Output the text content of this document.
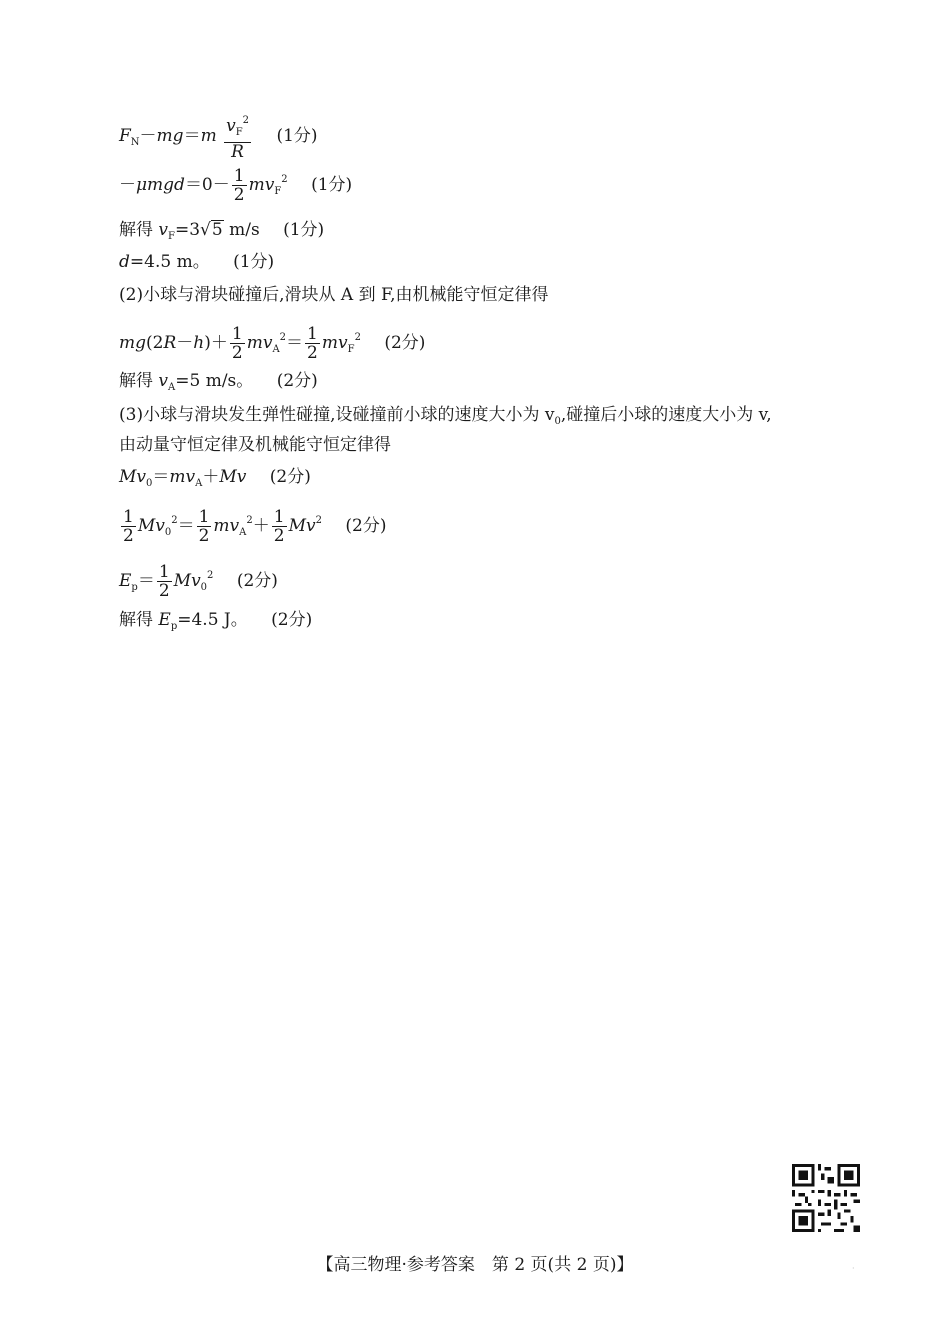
$F_N-mg=m \frac{v_F^2}{R} (1$分)
$-\mu mgd=0- \frac{1}{2} mv_F^2$ (1分)
解得 $v_F=3√5$ m/s (1分)
d=4.5 m。 (1分)
(2)小球与滑块碰撞后,滑块从 A 到 F,由机械能守恒定律得
$mg(2R-h)+ \frac{1}{2} mv_A^2= \frac{1}{2} mv_F^2$ (2分)
解得 $v_A=5$ m/s。 (2分)
(3)小球与滑块发生弹性碰撞,设碰撞前小球的速度大小为 $v_0$,碰撞后小球的速度大小为 v,
由动量守恒定律及机械能守恒定律得
$Mv_0=mv_A+Mv$ (2分)
$\frac{1}{2} Mv_0^2= \frac{1}{2} mv_A^2+ \frac{1}{2} Mv^2$ (2分)
$E_p= \frac{1}{2} Mv_0^2$ (2分)
解得 $E_p=4.5$ J。 (2分)
【高三物理·参考答案　第 2 页(共 2 页)】	·
